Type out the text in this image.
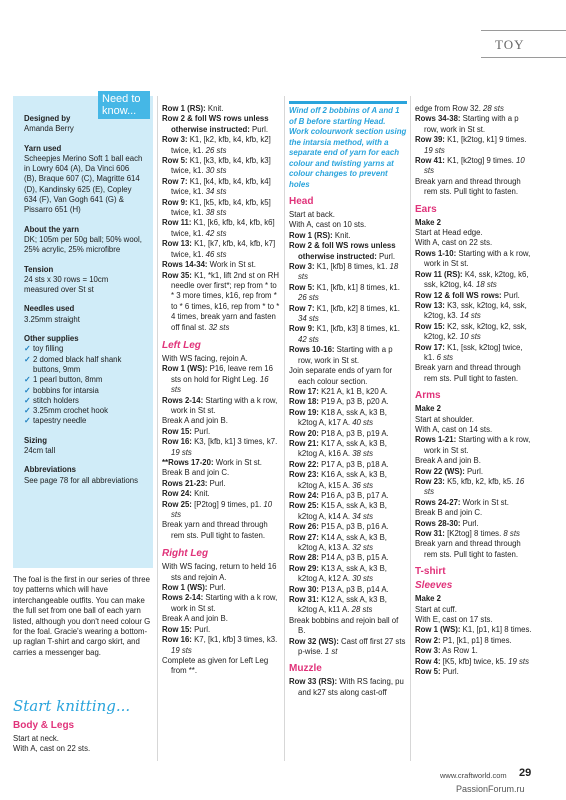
TOY
Designed by
Amanda Berry
Yarn used
Scheepjes Merino Soft 1 ball each in Lowry 604 (A), Da Vinci 606 (B), Braque 607 (C), Magritte 614 (D), Kandinsky 625 (E), Copley 634 (F), Van Gogh 641 (G) & Pissarro 651 (H)
About the yarn
DK; 105m per 50g ball; 50% wool, 25% acrylic, 25% microfibre
Tension
24 sts x 30 rows = 10cm measured over St st
Needles used
3.25mm straight
Other supplies
✓ toy filling
✓ 2 domed black half shank buttons, 9mm
✓ 1 pearl button, 8mm
✓ bobbins for intarsia
✓ stitch holders
✓ 3.25mm crochet hook
✓ tapestry needle
Sizing
24cm tall
Abbreviations
See page 78 for all abbreviations
Need to know...
The foal is the first in our series of three toy patterns which will have interchangeable outfits. You can make the full set from one ball of each yarn listed, although you don't need colour G for the foal. Gracie's wearing a bottom-up raglan T-shirt and cargo skirt, and carries a messenger bag.
Start knitting...
Body & Legs
Start at neck.
With A, cast on 22 sts.

Row 1 (RS): Knit.

Row 2 & foll WS rows unless otherwise instructed: Purl.

Row 3: K1, [k2, kfb, k4, kfb, k2] twice, k1. 26 sts

Row 5: K1, [k3, kfb, k4, kfb, k3] twice, k1. 30 sts

Row 7: K1, [k4, kfb, k4, kfb, k4] twice, k1. 34 sts

Row 9: K1, [k5, kfb, k4, kfb, k5] twice, k1. 38 sts

Row 11: K1, [k6, kfb, k4, kfb, k6] twice, k1. 42 sts

Row 13: K1, [k7, kfb, k4, kfb, k7] twice, k1. 46 sts

Rows 14-34: Work in St st.

Row 35: K1, *k1, lift 2nd st on RH needle over first*; rep from * to * 3 more times, k16, rep from * to * 6 times, k16, rep from * to * 4 times, break yarn and fasten off final st. 32 sts

Left Leg

With WS facing, rejoin A.

Row 1 (WS): P16, leave rem 16 sts on hold for Right Leg. 16 sts

Rows 2-14: Starting with a k row, work in St st.

Break A and join B.

Row 15: Purl.

Row 16: K3, [kfb, k1] 3 times, k7. 19 sts

**Rows 17-20: Work in St st.

Break B and join C.

Rows 21-23: Purl.

Row 24: Knit.

Row 25: [P2tog] 9 times, p1. 10 sts

Break yarn and thread through rem sts. Pull tight to fasten.

Right Leg

With WS facing, return to held 16 sts and rejoin A.

Row 1 (WS): Purl.

Rows 2-14: Starting with a k row, work in St st.

Break A and join B.

Row 15: Purl.

Row 16: K7, [k1, kfb] 3 times, k3. 19 sts

Complete as given for Left Leg from **.

Wind off 2 bobbins of A and 1 of B before starting Head. Work colourwork section using the intarsia method, with a separate end of yarn for each colour and twisting yarns at colour changes to prevent holes
Head

Start at back.

With A, cast on 10 sts.

Row 1 (RS): Knit.

Row 2 & foll WS rows unless otherwise instructed: Purl.

Row 3: K1, [kfb] 8 times, k1. 18 sts

Row 5: K1, [kfb, k1] 8 times, k1. 26 sts

Row 7: K1, [kfb, k2] 8 times, k1. 34 sts

Row 9: K1, [kfb, k3] 8 times, k1. 42 sts

Rows 10-16: Starting with a p row, work in St st.

Join separate ends of yarn for each colour section.

Row 17: K21 A, k1 B, k20 A.

Row 18: P19 A, p3 B, p20 A.

Row 19: K18 A, ssk A, k3 B, k2tog A, k17 A. 40 sts

Row 20: P18 A, p3 B, p19 A.

Row 21: K17 A, ssk A, k3 B, k2tog A, k16 A. 38 sts

Row 22: P17 A, p3 B, p18 A.

Row 23: K16 A, ssk A, k3 B, k2tog A, k15 A. 36 sts

Row 24: P16 A, p3 B, p17 A.

Row 25: K15 A, ssk A, k3 B, k2tog A, k14 A. 34 sts

Row 26: P15 A, p3 B, p16 A.

Row 27: K14 A, ssk A, k3 B, k2tog A, k13 A. 32 sts

Row 28: P14 A, p3 B, p15 A.

Row 29: K13 A, ssk A, k3 B, k2tog A, k12 A. 30 sts

Row 30: P13 A, p3 B, p14 A.

Row 31: K12 A, ssk A, k3 B, k2tog A, k11 A. 28 sts

Break bobbins and rejoin ball of B.

Row 32 (WS): Cast off first 27 sts p-wise. 1 st

Muzzle

Row 33 (RS): With RS facing, pu and k27 sts along cast-off

edge from Row 32. 28 sts

Rows 34-38: Starting with a p row, work in St st.

Row 39: K1, [k2tog, k1] 9 times. 19 sts

Row 41: K1, [k2tog] 9 times. 10 sts

Break yarn and thread through rem sts. Pull tight to fasten.

Ears
Make 2

Start at Head edge.

With A, cast on 22 sts.

Rows 1-10: Starting with a k row, work in St st.

Row 11 (RS): K4, ssk, k2tog, k6, ssk, k2tog, k4. 18 sts

Row 12 & foll WS rows: Purl.

Row 13: K3, ssk, k2tog, k4, ssk, k2tog, k3. 14 sts

Row 15: K2, ssk, k2tog, k2, ssk, k2tog, k2. 10 sts

Row 17: K1, [ssk, k2tog] twice, k1. 6 sts

Break yarn and thread through rem sts. Pull tight to fasten.

Arms
Make 2

Start at shoulder.

With A, cast on 14 sts.

Rows 1-21: Starting with a k row, work in St st.

Break A and join B.

Row 22 (WS): Purl.

Row 23: K5, kfb, k2, kfb, k5. 16 sts

Rows 24-27: Work in St st.

Break B and join C.

Rows 28-30: Purl.

Row 31: [K2tog] 8 times. 8 sts

Break yarn and thread through rem sts. Pull tight to fasten.

T-shirt
Sleeves
Make 2

Start at cuff.

With E, cast on 17 sts.

Row 1 (WS): K1, [p1, k1] 8 times.

Row 2: P1, [k1, p1] 8 times.

Row 3: As Row 1.

Row 4: [K5, kfb] twice, k5. 19 sts

Row 5: Purl.

www.craftworld.com 29
PassionForum.ru
